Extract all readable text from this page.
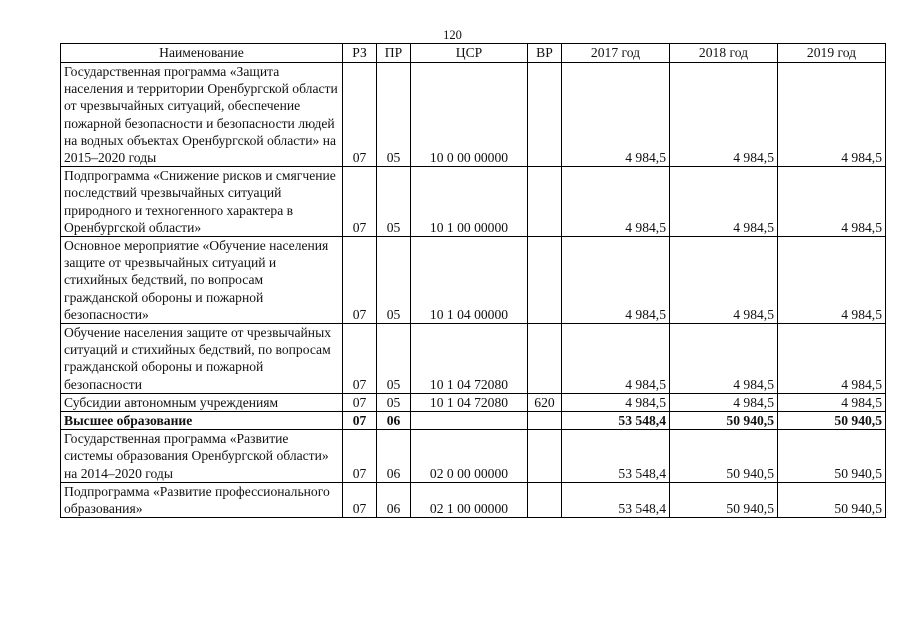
120
Наименование	РЗ	ПР	ЦСР	ВР	2017 год	2018 год	2019 год
Государственная программа «Защита населения и территории Оренбургской области от чрезвычайных ситуаций, обеспечение пожарной безопасности и безопасности людей на водных объектах Оренбургской области» на 2015–2020 годы	07	05	10 0 00 00000		4 984,5	4 984,5	4 984,5
Подпрограмма «Снижение рисков и смягчение последствий чрезвычайных ситуаций природного и техногенного характера в Оренбургской области»	07	05	10 1 00 00000		4 984,5	4 984,5	4 984,5
Основное мероприятие «Обучение населения защите от чрезвычайных ситуаций и стихийных бедствий, по вопросам гражданской обороны и пожарной безопасности»	07	05	10 1 04 00000		4 984,5	4 984,5	4 984,5
Обучение населения защите от чрезвычайных ситуаций и стихийных бедствий, по вопросам гражданской обороны и пожарной безопасности	07	05	10 1 04 72080		4 984,5	4 984,5	4 984,5
Субсидии автономным учреждениям	07	05	10 1 04 72080	620	4 984,5	4 984,5	4 984,5
Высшее образование	07	06			53 548,4	50 940,5	50 940,5
Государственная программа «Развитие системы образования Оренбургской области» на 2014–2020 годы	07	06	02 0 00 00000		53 548,4	50 940,5	50 940,5
Подпрограмма «Развитие профессионального образования»	07	06	02 1 00 00000		53 548,4	50 940,5	50 940,5
